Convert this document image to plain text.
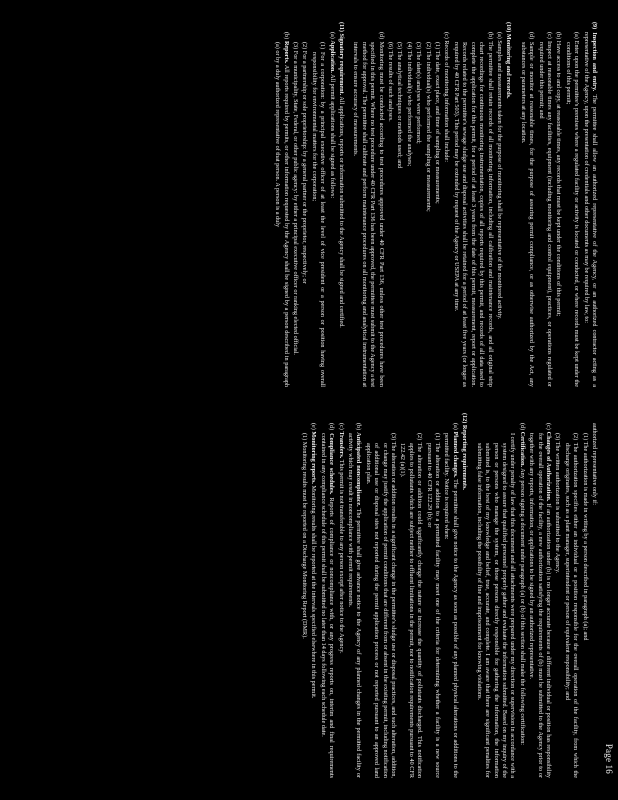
Page 16
(9) Inspection and entry. The permittee shall allow an authorized representative of the Agency, or an authorized contractor acting as a representative of the Agency, upon the presentation of credentials and other documents as may be required by law, to:
(a) Enter upon the permittee's premises where a regulated facility or activity is located or conducted, or where records must be kept under the conditions of this permit;
(b) Have access to and copy, at reasonable times, any records that must be kept under the conditions of this permit;
(c) Inspect at reasonable times any facilities, equipment (including monitoring and control equipment), practices, or operations regulated or required under this permit; and
(d) Sample or monitor at reasonable times, for the purpose of assuring permit compliance, or as otherwise authorized by the Act, any substances or parameters at any location.
(10) Monitoring and records.
(a) Samples and measurements taken for the purpose of monitoring shall be representative of the monitored activity.
(b) The permittee shall retain records of all monitoring information, including all calibration and maintenance records, and all original strip chart recordings for continuous monitoring instrumentation, copies of all reports required by this permit, and records of all data used to complete the application for this permit, for a period of at least 3 years from the date of this permit, measurement, report or application. Records related to the permittee's sewage sludge use and disposal activities shall be retained for a period of at least five years (or longer as required by 40 CFR Part 503). This period may be extended by request of the Agency or USEPA at any time.
(c) Records of monitoring information shall include:
(1) The date, exact place, and time of sampling or measurements;
(2) The individual(s) who performed the sampling or measurements;
(3) The date(s) analyses were performed;
(4) The individual(s) who performed the analyses;
(5) The analytical techniques or methods used; and
(6) The results of such analyses.
(d) Monitoring must be conducted according to test procedures approved under 40 CFR Part 136, unless other test procedures have been specified in this permit. Where no test procedure under 40 CFR Part 136 has been approved, the permittee must submit to the Agency a test method for approval. The permittee shall calibrate and perform maintenance procedures on all monitoring and analytical instrumentation at intervals to ensure accuracy of measurements.
(11) Signatory requirement. All applications, reports or information submitted to the Agency shall be signed and certified.
(a) Application. All permit applications shall be signed as follows:
(1) For a corporation: by a principal executive officer of at least the level of vice president or a person or position having overall responsibility for environmental matters for the corporation;
(2) For a partnership or sole proprietorship: by a general partner or the proprietor, respectively; or
(3) For a municipality, State, Federal, or other public agency: by either a principal executive officer or ranking elected official.
(b) Reports. All reports required by permits, or other information requested by the Agency shall be signed by a person described in paragraph (a) or by a duly authorized representative of that person. A person is a duly
authorized representative only if:
(1) The authorization is made in writing by a person described in paragraph (a); and
(2) The authorization specifies either an individual or a position responsible for the overall operation of the facility, from which the discharge originates, such as a plant manager, superintendent or person of equivalent responsibility; and
(3) The written authorization is submitted to the Agency.
(c) Changes of Authorization. If an authorization under (b) is no longer accurate because a different individual or position has responsibility for the overall operation of the facility, a new authorization satisfying the requirements of (b) must be submitted to the Agency prior to or together with any reports, information, or applications to be signed by an authorized representative.
(d) Certification. Any person signing a document under paragraph (a) or (b) of this section shall make the following certification:
I certify under penalty of law that this document and all attachments were prepared under my direction or supervision in accordance with a system designed to assure that qualified personnel properly gather and evaluate the information submitted. Based on my inquiry of the person or persons who manage the system, or those persons directly responsible for gathering the information, the information submitted is, to the best of my knowledge and belief, true, accurate, and complete. I am aware that there are significant penalties for submitting false information, including the possibility of fine and imprisonment for knowing violations.
(12) Reporting requirements.
(a) Planned changes. The permittee shall give notice to the Agency as soon as possible of any planned physical alterations or additions to the permitted facility. Notice is required when:
(1) The alteration or addition to a permitted facility may meet one of the criteria for determining whether a facility is a new source pursuant to 40 CFR 122.29 (b); or
(2) The alteration or addition could significantly change the nature or increase the quantity of pollutants discharged. This notification applies to pollutants which are subject neither to effluent limitations in the permit, nor to notification requirements pursuant to 40 CFR 122.42 (a)(1).
(3) The alteration or addition results in a significant change in the permittee's sludge use or disposal practices, and such alteration, addition, or change may justify the application of permit conditions that are different from or absent in the existing permit, including notification of additional use or disposal sites not reported during the permit application process or not reported pursuant to an approved land application plan.
(b) Anticipated noncompliance. The permittee shall give advance notice to the Agency of any planned changes in the permitted facility or activity which may result in noncompliance with permit requirements.
(c) Transfers. This permit is not transferable to any person except after notice to the Agency.
(d) Compliance schedules. Reports of compliance or noncompliance with, or any progress reports on, interim and final requirements contained in any compliance schedule of this permit shall be submitted no later than 14 days following each schedule date.
(e) Monitoring reports. Monitoring results shall be reported at the intervals specified elsewhere in this permit.
(1) Monitoring results must be reported on a Discharge Monitoring Report (DMR).
